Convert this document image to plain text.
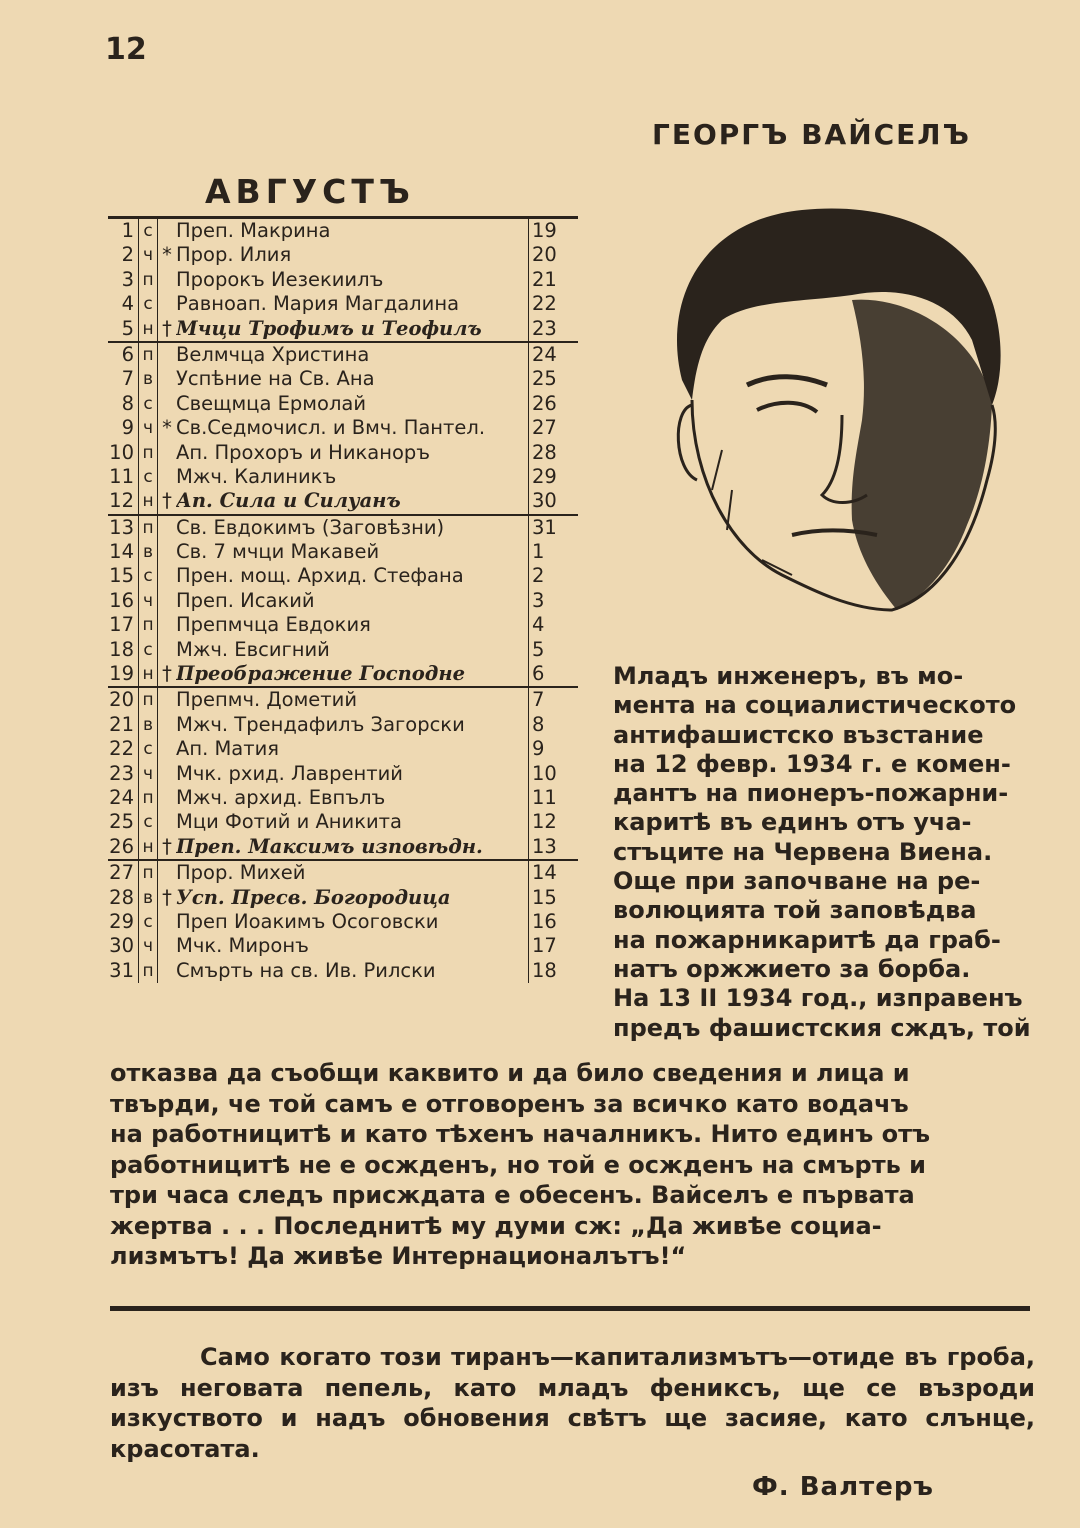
12
ГЕОРГЪ ВАЙСЕЛЪ
АВГУСТЪ
1 с Преп. Макрина	19
2 ч * Прор. Илия	20
3 п Пророкъ Иезекиилъ	21
4 с Равноап. Мария Магдалина	22
5 н † Мчци Трофимъ и Теофилъ	23
6 п Велмчца Христина	24
7 в Успѣние на Св. Ана	25
8 с Свещмца Ермолай	26
9 ч * Св.Седмочисл. и Вмч. Пантел.	27
10 п Ап. Прохоръ и Никаноръ	28
11 с Мжч. Калиникъ	29
12 н † Ап. Сила и Силуанъ	30
13 п Св. Евдокимъ (Заговѣзни)	31
14 в Св. 7 мчци Макавей	1
15 с Прен. мощ. Архид. Стефана	2
16 ч Преп. Исакий	3
17 п Препмчца Евдокия	4
18 с Мжч. Евсигний	5
19 н † Преображение Господне	6
20 п Препмч. Дометий	7
21 в Мжч. Трендафилъ Загорски	8
22 с Ап. Матия	9
23 ч Мчк. рхид. Лаврентий	10
24 п Мжч. архид. Евпълъ	11
25 с Мци Фотий и Аникита	12
26 н † Преп. Максимъ изповѣдн.	13
27 п Прор. Михей	14
28 в † Усп. Пресв. Богородица	15
29 с Преп Иоакимъ Осоговски	16
30 ч Мчк. Миронъ	17
31 п Смърть на св. Ив. Рилски	18
Младъ инженеръ, въ мо-
мента на социалистическото
антифашистско възстание
на 12 февр. 1934 г. е комен-
дантъ на пионеръ-пожарни-
каритѣ въ единъ отъ уча-
стъците на Червена Виена.
Още при започване на ре-
волюцията той заповѣдва
на пожарникаритѣ да граб-
натъ оржжието за борба.
На 13 II 1934 год., изправенъ
предъ фашистския сждъ, той
отказва да съобщи каквито и да било сведения и лица и
твърди, че той самъ е отговоренъ за всичко като водачъ
на работницитѣ и като тѣхенъ началникъ. Нито единъ отъ
работницитѣ не е осжденъ, но той е осжденъ на смърть и
три часа следъ присждата е обесенъ. Вайселъ е първата
жертва . . . Последнитѣ му думи сж: „Да живѣе социа-
лизмътъ! Да живѣе Интернационалътъ!“
Само когато този тиранъ—капитализмътъ—отиде въ гроба, изъ неговата пепель, като младъ фениксъ, ще се възроди изкуството и надъ обновения свѣтъ ще засияе, като слънце, красотата.
Ф. Валтеръ
